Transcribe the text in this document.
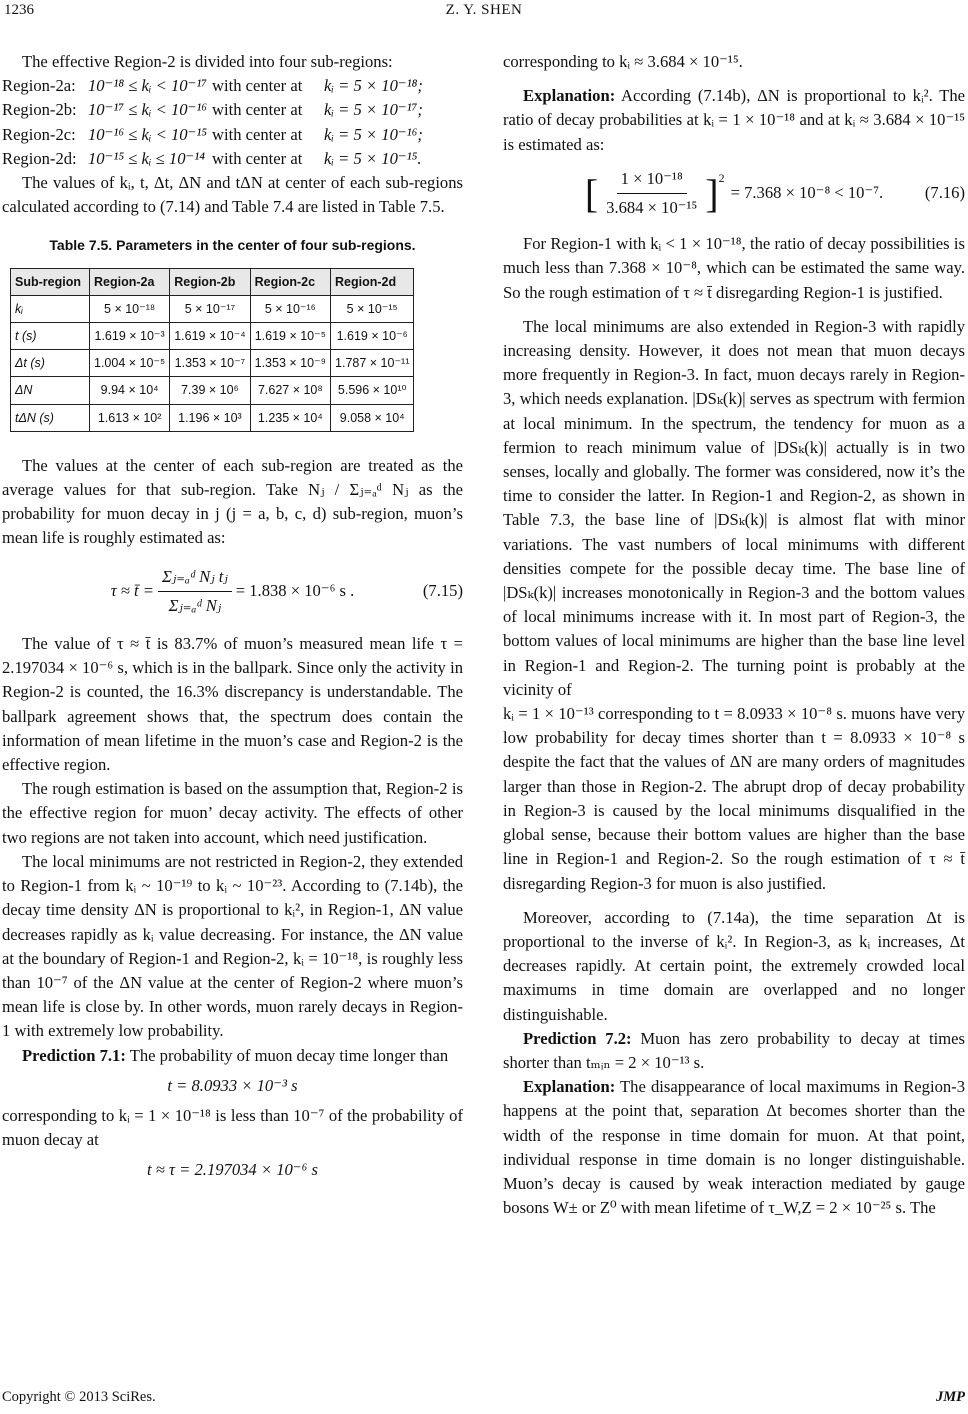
1236	Z. Y. SHEN

The effective Region-2 is divided into four sub-regions:

Region-2a: 10⁻¹⁸ ≤ kᵢ < 10⁻¹⁷ with center at	kᵢ = 5 × 10⁻¹⁸;
Region-2b: 10⁻¹⁷ ≤ kᵢ < 10⁻¹⁶ with center at	kᵢ = 5 × 10⁻¹⁷;
Region-2c: 10⁻¹⁶ ≤ kᵢ < 10⁻¹⁵ with center at	kᵢ = 5 × 10⁻¹⁶;
Region-2d: 10⁻¹⁵ ≤ kᵢ ≤ 10⁻¹⁴ with center at	kᵢ = 5 × 10⁻¹⁵.

The values of kᵢ, t, Δt, ΔN and tΔN at center of each sub-regions calculated according to (7.14) and Table 7.4 are listed in Table 7.5.

Table 7.5. Parameters in the center of four sub-regions.
Sub-region	Region-2a	Region-2b	Region-2c	Region-2d
kᵢ	5 × 10⁻¹⁸	5 × 10⁻¹⁷	5 × 10⁻¹⁶	5 × 10⁻¹⁵
t (s)	1.619 × 10⁻³	1.619 × 10⁻⁴	1.619 × 10⁻⁵	1.619 × 10⁻⁶
Δt (s)	1.004 × 10⁻⁵	1.353 × 10⁻⁷	1.353 × 10⁻⁹	1.787 × 10⁻¹¹
ΔN	9.94 × 10⁴	7.39 × 10⁶	7.627 × 10⁸	5.596 × 10¹⁰
tΔN (s)	1.613 × 10²	1.196 × 10³	1.235 × 10⁴	9.058 × 10⁴

The values at the center of each sub-region are treated as the average values for that sub-region. Take Nⱼ / Σⱼ₌ₐᵈ Nⱼ as the probability for muon decay in j (j = a, b, c, d) sub-region, muon’s mean life is roughly estimated as:

τ ≈ t̄ = $\frac{\text{Σⱼ₌ₐᵈ Nⱼ tⱼ}}{\text{Σⱼ₌ₐᵈ Nⱼ}} = 1.838 \times 10^{-6}$ s .	(7.15)

The value of τ ≈ t̄ is 83.7% of muon’s measured mean life τ = 2.197034 × 10⁻⁶ s, which is in the ballpark. Since only the activity in Region-2 is counted, the 16.3% discrepancy is understandable. The ballpark agreement shows that, the spectrum does contain the information of mean lifetime in the muon’s case and Region-2 is the effective region.

The rough estimation is based on the assumption that, Region-2 is the effective region for muon’ decay activity. The effects of other two regions are not taken into account, which need justification.

The local minimums are not restricted in Region-2, they extended to Region-1 from kᵢ ~ 10⁻¹⁹ to kᵢ ~ 10⁻²³. According to (7.14b), the decay time density ΔN is proportional to kᵢ², in Region-1, ΔN value decreases rapidly as kᵢ value decreasing. For instance, the ΔN value at the boundary of Region-1 and Region-2, kᵢ = 10⁻¹⁸, is roughly less than 10⁻⁷ of the ΔN value at the center of Region-2 where muon’s mean life is close by. In other words, muon rarely decays in Region-1 with extremely low probability.

Prediction 7.1: The probability of muon decay time longer than

t = 8.0933 × 10⁻³ s

corresponding to kᵢ = 1 × 10⁻¹⁸ is less than 10⁻⁷ of the probability of muon decay at

t ≈ τ = 2.197034 × 10⁻⁶ s

corresponding to kᵢ ≈ 3.684 × 10⁻¹⁵.

Explanation: According (7.14b), ΔN is proportional to kᵢ². The ratio of decay probabilities at kᵢ = 1 × 10⁻¹⁸ and at kᵢ ≈ 3.684 × 10⁻¹⁵ is estimated as:

[ $\frac{\text{1 × 10⁻¹⁸}}{\text{3.684 × 10⁻¹⁵}} ]^2$
= 7.368 × 10⁻⁸ < 10⁻⁷.	(7.16)

For Region-1 with kᵢ < 1 × 10⁻¹⁸, the ratio of decay possibilities is much less than 7.368 × 10⁻⁸, which can be estimated the same way. So the rough estimation of τ ≈ t̄ disregarding Region-1 is justified.

The local minimums are also extended in Region-3 with rapidly increasing density. However, it does not mean that muon decays more frequently in Region-3. In fact, muon decays rarely in Region-3, which needs explanation. |DSₖ(k)| serves as spectrum with fermion at local minimum. In the spectrum, the tendency for muon as a fermion to reach minimum value of |DSₖ(k)| actually is in two senses, locally and globally. The former was considered, now it’s the time to consider the latter. In Region-1 and Region-2, as shown in Table 7.3, the base line of |DSₖ(k)| is almost flat with minor variations. The vast numbers of local minimums with different densities compete for the possible decay time. The base line of |DSₖ(k)| increases monotonically in Region-3 and the bottom values of local minimums increase with it. In most part of Region-3, the bottom values of local minimums are higher than the base line level in Region-1 and Region-2. The turning point is probably at the vicinity of

kᵢ = 1 × 10⁻¹³ corresponding to t = 8.0933 × 10⁻⁸ s. muons have very low probability for decay times shorter than t = 8.0933 × 10⁻⁸ s despite the fact that the values of ΔN are many orders of magnitudes larger than those in Region-2. The abrupt drop of decay probability in Region-3 is caused by the local minimums disqualified in the global sense, because their bottom values are higher than the base line in Region-1 and Region-2. So the rough estimation of τ ≈ t̄ disregarding Region-3 for muon is also justified.

Moreover, according to (7.14a), the time separation Δt is proportional to the inverse of kᵢ². In Region-3, as kᵢ increases, Δt decreases rapidly. At certain point, the extremely crowded local maximums in time domain are overlapped and no longer distinguishable.

Prediction 7.2: Muon has zero probability to decay at times shorter than tₘᵢₙ = 2 × 10⁻¹³ s.

Explanation: The disappearance of local maximums in Region-3 happens at the point that, separation Δt becomes shorter than the width of the response in time domain for muon. At that point, individual response in time domain is no longer distinguishable. Muon’s decay is caused by weak interaction mediated by gauge bosons W± or Z⁰ with mean lifetime of τ_W,Z = 2 × 10⁻²⁵ s. The

Copyright © 2013 SciRes.	JMP
